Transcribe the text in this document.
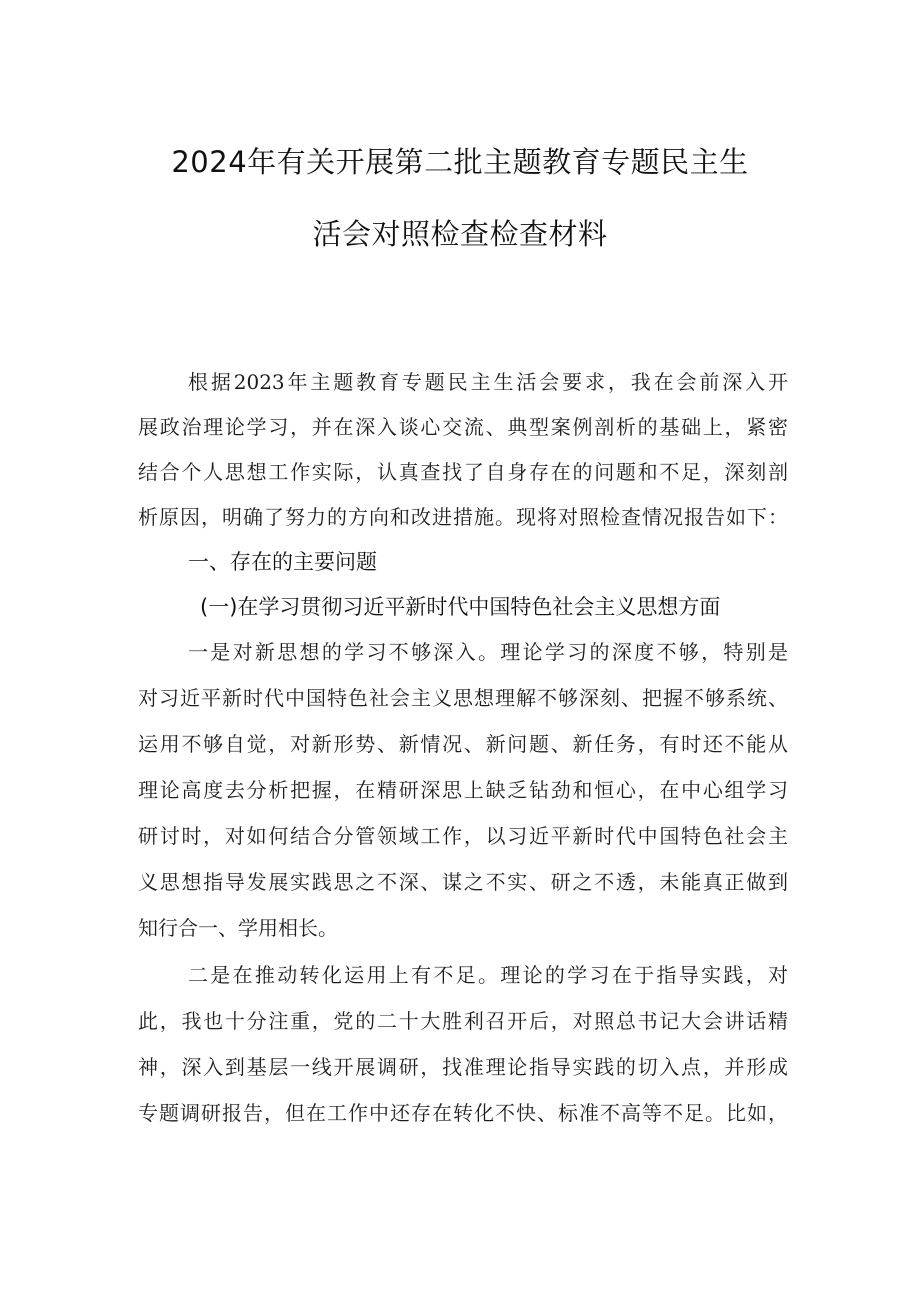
2024年有关开展第二批主题教育专题民主生
活会对照检查检查材料
根据2023年主题教育专题民主生活会要求，我在会前深入开
展政治理论学习，并在深入谈心交流、典型案例剖析的基础上，紧密
结合个人思想工作实际，认真查找了自身存在的问题和不足，深刻剖
析原因，明确了努力的方向和改进措施。现将对照检查情况报告如下：
一、存在的主要问题
(一)在学习贯彻习近平新时代中国特色社会主义思想方面
一是对新思想的学习不够深入。理论学习的深度不够，特别是
对习近平新时代中国特色社会主义思想理解不够深刻、把握不够系统、
运用不够自觉，对新形势、新情况、新问题、新任务，有时还不能从
理论高度去分析把握，在精研深思上缺乏钻劲和恒心，在中心组学习
研讨时，对如何结合分管领域工作，以习近平新时代中国特色社会主
义思想指导发展实践思之不深、谋之不实、研之不透，未能真正做到
知行合一、学用相长。
二是在推动转化运用上有不足。理论的学习在于指导实践，对
此，我也十分注重，党的二十大胜利召开后，对照总书记大会讲话精
神，深入到基层一线开展调研，找准理论指导实践的切入点，并形成
专题调研报告，但在工作中还存在转化不快、标准不高等不足。比如，
